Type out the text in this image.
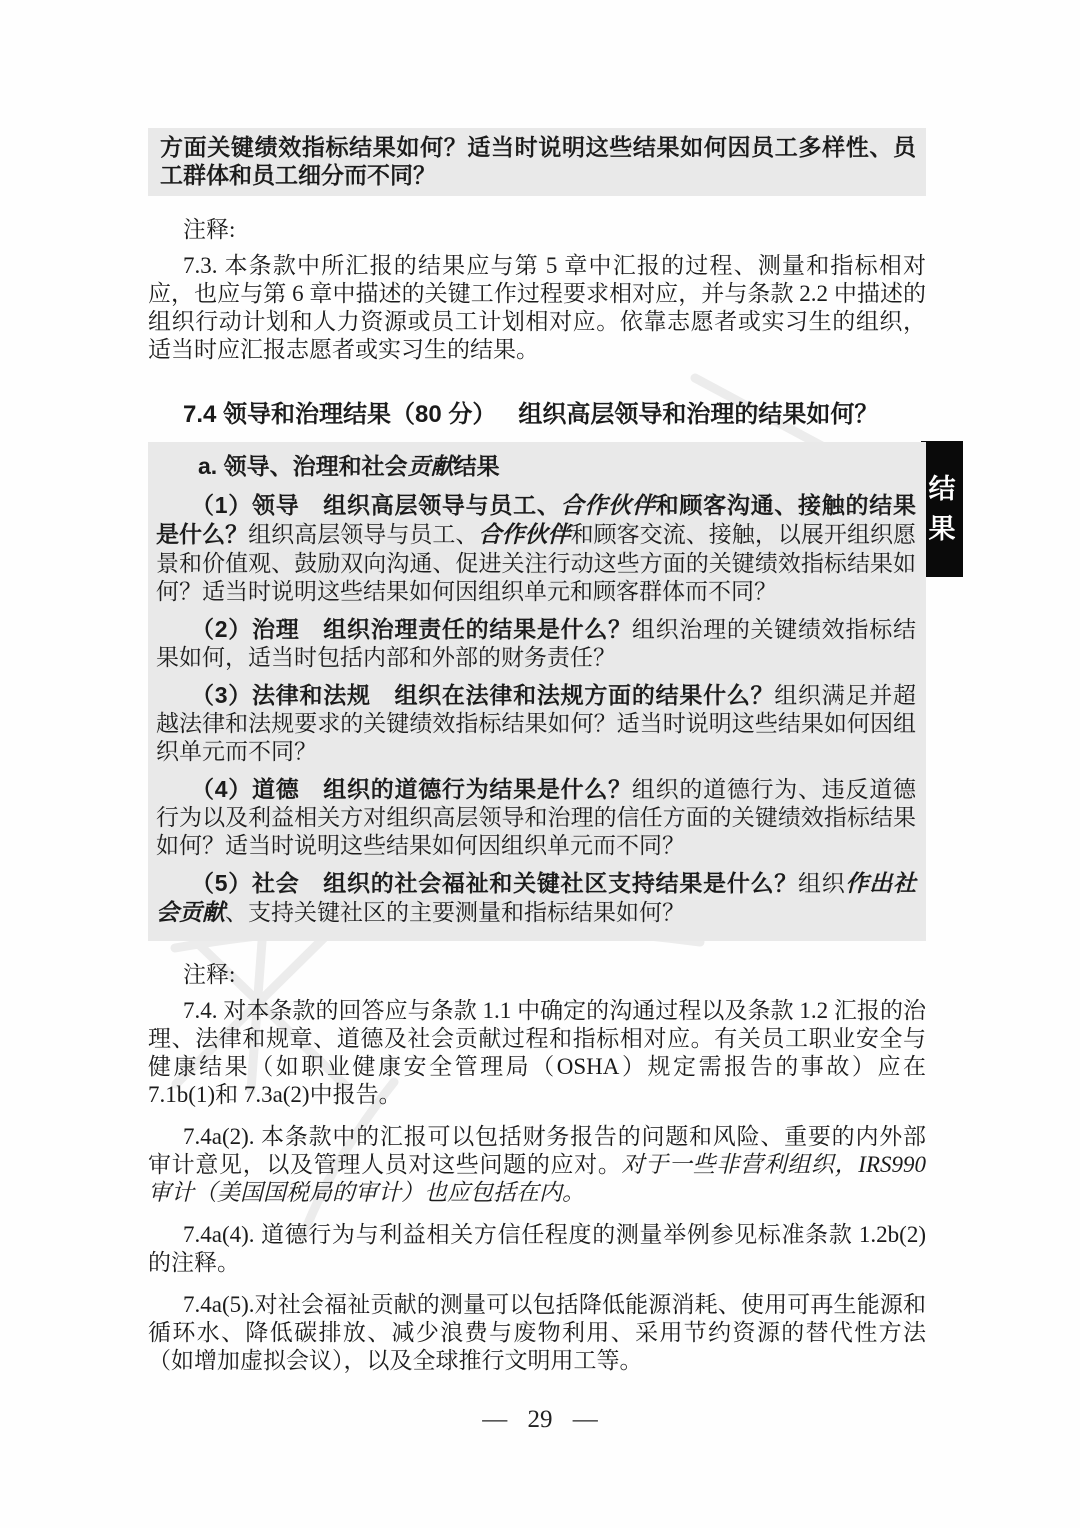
结
果

方面关键绩效指标结果如何？适当时说明这些结果如何因员工多样性、员工群体和员工细分而不同？

注释:

7.3. 本条款中所汇报的结果应与第 5 章中汇报的过程、测量和指标相对应，也应与第 6 章中描述的关键工作过程要求相对应，并与条款 2.2 中描述的组织行动计划和人力资源或员工计划相对应。依靠志愿者或实习生的组织，适当时应汇报志愿者或实习生的结果。

7.4 领导和治理结果（80 分） 组织高层领导和治理的结果如何？

a. 领导、治理和社会贡献结果

（1）领导　组织高层领导与员工、合作伙伴和顾客沟通、接触的结果是什么？组织高层领导与员工、合作伙伴和顾客交流、接触，以展开组织愿景和价值观、鼓励双向沟通、促进关注行动这些方面的关键绩效指标结果如何？适当时说明这些结果如何因组织单元和顾客群体而不同？

（2）治理　组织治理责任的结果是什么？组织治理的关键绩效指标结果如何，适当时包括内部和外部的财务责任？

（3）法律和法规　组织在法律和法规方面的结果什么？组织满足并超越法律和法规要求的关键绩效指标结果如何？适当时说明这些结果如何因组织单元而不同？

（4）道德　组织的道德行为结果是什么？组织的道德行为、违反道德行为以及利益相关方对组织高层领导和治理的信任方面的关键绩效指标结果如何？适当时说明这些结果如何因组织单元而不同？

（5）社会　组织的社会福祉和关键社区支持结果是什么？组织作出社会贡献、支持关键社区的主要测量和指标结果如何？

注释:

7.4. 对本条款的回答应与条款 1.1 中确定的沟通过程以及条款 1.2 汇报的治理、法律和规章、道德及社会贡献过程和指标相对应。有关员工职业安全与健康结果（如职业健康安全管理局（OSHA）规定需报告的事故）应在 7.1b(1)和 7.3a(2)中报告。

7.4a(2). 本条款中的汇报可以包括财务报告的问题和风险、重要的内外部审计意见，以及管理人员对这些问题的应对。对于一些非营利组织，IRS990 审计（美国国税局的审计）也应包括在内。

7.4a(4). 道德行为与利益相关方信任程度的测量举例参见标准条款 1.2b(2) 的注释。

7.4a(5).对社会福祉贡献的测量可以包括降低能源消耗、使用可再生能源和循环水、降低碳排放、减少浪费与废物利用、采用节约资源的替代性方法（如增加虚拟会议），以及全球推行文明用工等。

— 29 —
